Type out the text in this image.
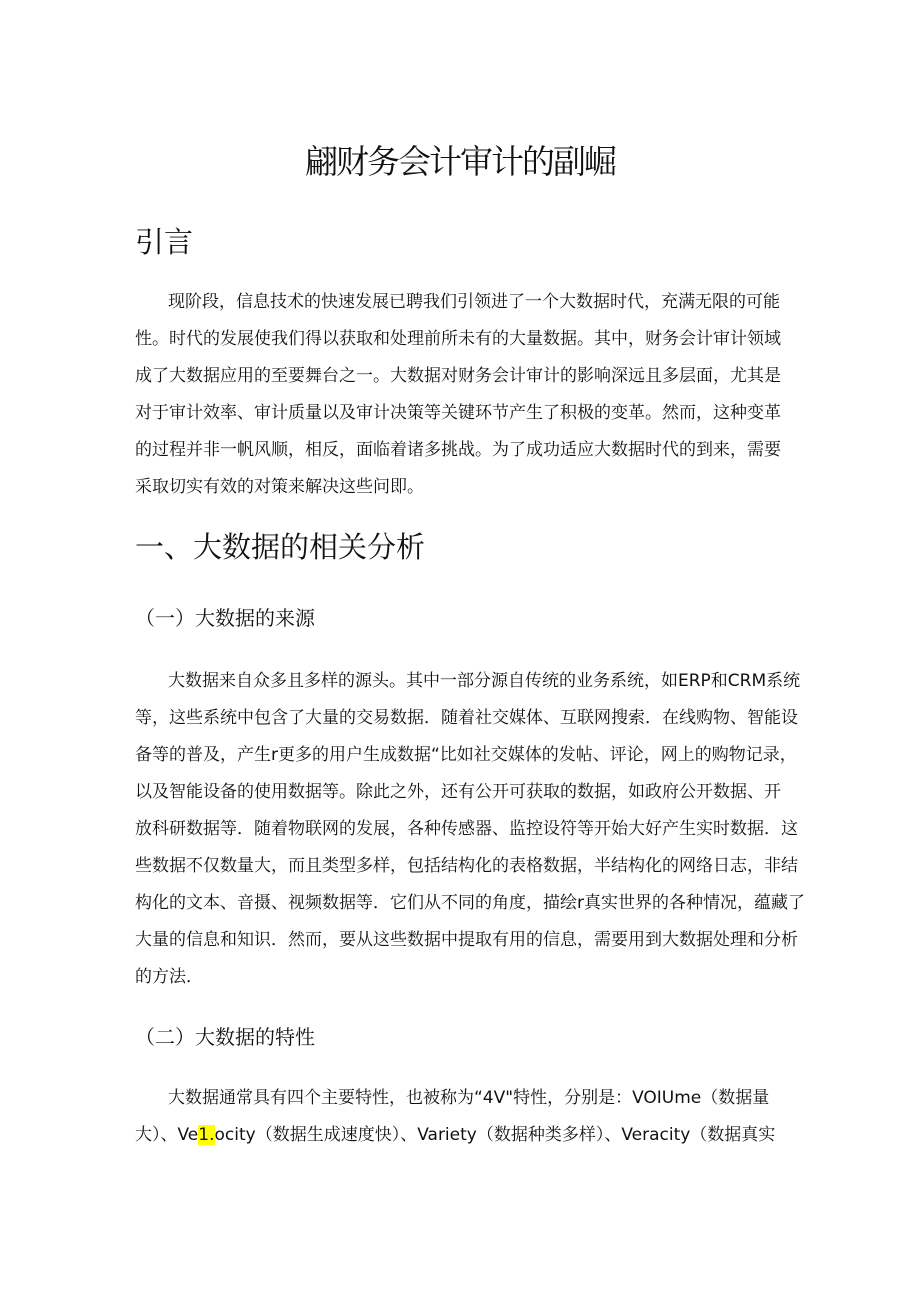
翩财务会计审计的副崛
引言
现阶段，信息技术的快速发展已聘我们引领进了一个大数据时代，充满无限的可能
性。时代的发展使我们得以获取和处理前所未有的大量数据。其中，财务会计审计领域
成了大数据应用的至要舞台之一。大数据对财务会计审计的影响深远且多层面，尤其是
对于审计效率、审计质量以及审计决策等关键环节产生了积极的变革。然而，这种变革
的过程并非一帆风顺，相反，面临着诸多挑战。为了成功适应大数据时代的到来，需要
采取切实有效的对策来解决这些问即。
一、大数据的相关分析
（一）大数据的来源
大数据来自众多且多样的源头。其中一部分源自传统的业务系统，如ERP和CRM系统
等，这些系统中包含了大量的交易数据．随着社交媒体、互联网搜索．在线购物、智能设
备等的普及，产生r更多的用户生成数据“比如社交媒体的发帖、评论，网上的购物记录，
以及智能设备的使用数据等。除此之外，还有公开可获取的数据，如政府公开数据、开
放科研数据等．随着物联网的发展，各种传感器、监控设符等开始大好产生实时数据．这
些数据不仅数量大，而且类型多样，包括结构化的表格数据，半结构化的网络日志，非结
构化的文本、音摄、视频数据等．它们从不同的角度，描绘r真实世界的各种情况，蕴藏了
大量的信息和知识．然而，要从这些数据中提取有用的信息，需要用到大数据处理和分析
的方法．
（二）大数据的特性
大数据通常具有四个主要特性，也被称为“4V"特性，分别是：VOIUme（数据量
大）、Ve1.ocity（数据生成速度快）、Variety（数据种类多样）、Veracity（数据真实
